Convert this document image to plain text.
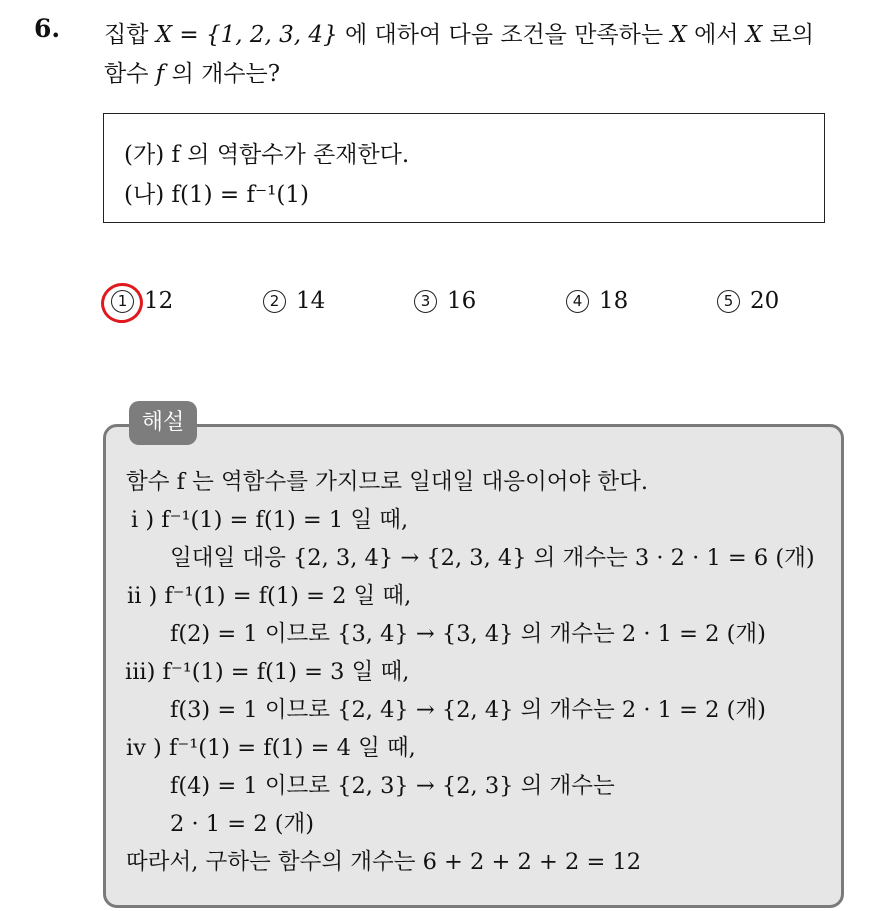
6. 집합 X = {1, 2, 3, 4} 에 대하여 다음 조건을 만족하는 X 에서 X 로의
함수 f 의 개수는?
(가) f 의 역함수가 존재한다.
(나) f(1) = f⁻¹(1)
1 12	2 14	3 16	4 18	5 20
해설
함수 f 는 역함수를 가지므로 일대일 대응이어야 한다.
i ) f⁻¹(1) = f(1) = 1 일 때,
일대일 대응 {2, 3, 4} → {2, 3, 4} 의 개수는 3 · 2 · 1 = 6 (개)
ii ) f⁻¹(1) = f(1) = 2 일 때,
f(2) = 1 이므로 {3, 4} → {3, 4} 의 개수는 2 · 1 = 2 (개)
iii) f⁻¹(1) = f(1) = 3 일 때,
f(3) = 1 이므로 {2, 4} → {2, 4} 의 개수는 2 · 1 = 2 (개)
iv ) f⁻¹(1) = f(1) = 4 일 때,
f(4) = 1 이므로 {2, 3} → {2, 3} 의 개수는
2 · 1 = 2 (개)
따라서, 구하는 함수의 개수는 6 + 2 + 2 + 2 = 12
